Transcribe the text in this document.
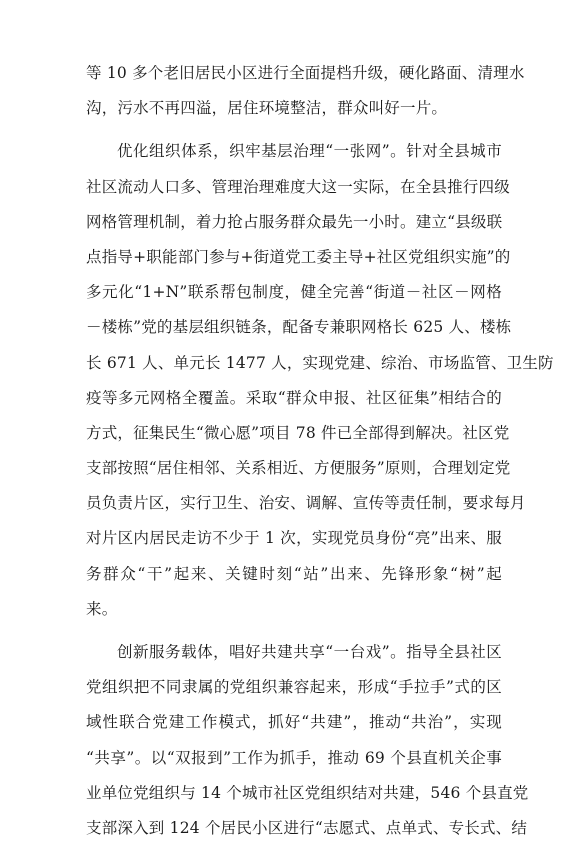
等 10 多个老旧居民小区进行全面提档升级，硬化路面、清理水
沟，污水不再四溢，居住环境整洁，群众叫好一片。
优化组织体系，织牢基层治理“一张网”。针对全县城市
社区流动人口多、管理治理难度大这一实际，在全县推行四级
网格管理机制，着力抢占服务群众最先一小时。建立“县级联
点指导+职能部门参与+街道党工委主导+社区党组织实施”的
多元化“1+N”联系帮包制度，健全完善“街道－社区－网格
－楼栋”党的基层组织链条，配备专兼职网格长 625 人、楼栋
长 671 人、单元长 1477 人，实现党建、综治、市场监管、卫生防
疫等多元网格全覆盖。采取“群众申报、社区征集”相结合的
方式，征集民生“微心愿”项目 78 件已全部得到解决。社区党
支部按照“居住相邻、关系相近、方便服务”原则，合理划定党
员负责片区，实行卫生、治安、调解、宣传等责任制，要求每月
对片区内居民走访不少于 1 次，实现党员身份“亮”出来、服
务群众“干”起来、关键时刻“站”出来、先锋形象“树”起
来。
创新服务载体，唱好共建共享“一台戏”。指导全县社区
党组织把不同隶属的党组织兼容起来，形成“手拉手”式的区
域性联合党建工作模式，抓好“共建”，推动“共治”，实现
“共享”。以“双报到”工作为抓手，推动 69 个县直机关企事
业单位党组织与 14 个城市社区党组织结对共建，546 个县直党
支部深入到 124 个居民小区进行“志愿式、点单式、专长式、结
